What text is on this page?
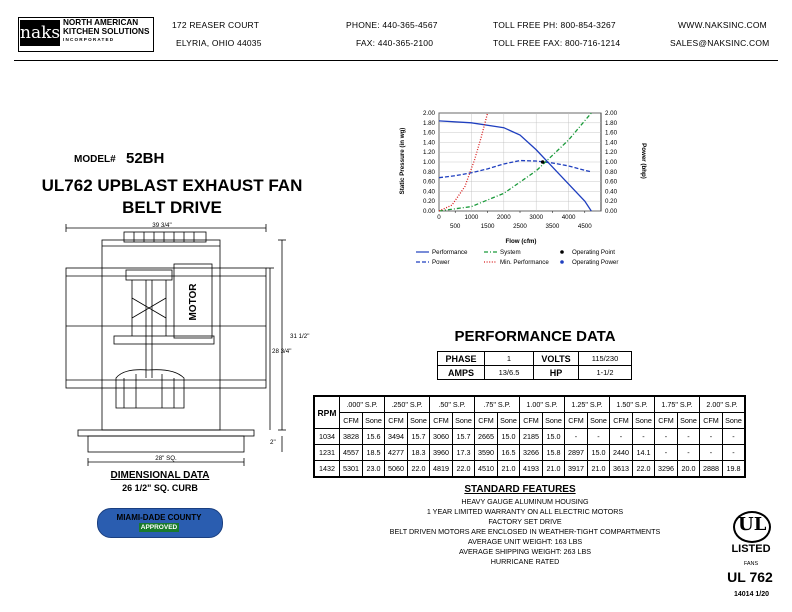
naks
NORTH AMERICAN
KITCHEN SOLUTIONS
INCORPORATED
172 REASER COURT
ELYRIA, OHIO 44035
PHONE: 440-365-4567
FAX: 440-365-2100
TOLL FREE PH: 800-854-3267
TOLL FREE FAX: 800-716-1214
WWW.NAKSINC.COM
SALES@NAKSINC.COM
MODEL# 52BH
UL762 UPBLAST EXHAUST FAN
BELT DRIVE
39 3/4"
31 1/2"
28 3/4"
28" SQ.
2"
MOTOR
DIMENSIONAL DATA
26 1/2" SQ. CURB
MIAMI-DADE COUNTY
APPROVED
0.00	0.00
0.20	0.20
0.40	0.40
0.60	0.60
0.80	0.80
1.00	1.00
1.20	1.20
1.40	1.40
1.60	1.60
1.80	1.80
2.00	2.00
0	1000	2000	3000	4000
500	1500	2500	3500	4500
Static Pressure (in wg)	Power (bhp)
Flow (cfm)
Performance
Power
System
Min. Performance
Operating Point
Operating Power
PERFORMANCE DATA
PHASE	1	VOLTS	115/230
AMPS	13/6.5	HP	1-1/2
RPM	.000" S.P.		.250" S.P.		.50" S.P.		.75" S.P.		1.00" S.P.		1.25" S.P.		1.50" S.P.		1.75" S.P.		2.00" S.P.	
	CFM	Sone	CFM	Sone	CFM	Sone	CFM	Sone	CFM	Sone	CFM	Sone	CFM	Sone	CFM	Sone	CFM	Sone
1034	3828	15.6	3494	15.7	3060	15.7	2665	15.0	2185	15.0	-	-	-	-	-	-	-	-
1231	4557	18.5	4277	18.3	3960	17.3	3590	16.5	3266	15.8	2897	15.0	2440	14.1	-	-	-	-
1432	5301	23.0	5060	22.0	4819	22.0	4510	21.0	4193	21.0	3917	21.0	3613	22.0	3296	20.0	2888	19.8
STANDARD FEATURES
HEAVY GAUGE ALUMINUM HOUSING
1 YEAR LIMITED WARRANTY ON ALL ELECTRIC MOTORS
FACTORY SET DRIVE
BELT DRIVEN MOTORS ARE ENCLOSED IN WEATHER-TIGHT COMPARTMENTS
AVERAGE UNIT WEIGHT: 163 LBS
AVERAGE SHIPPING WEIGHT: 263 LBS
HURRICANE RATED
UL
LISTED
FANS
UL 762
14014 1/20
